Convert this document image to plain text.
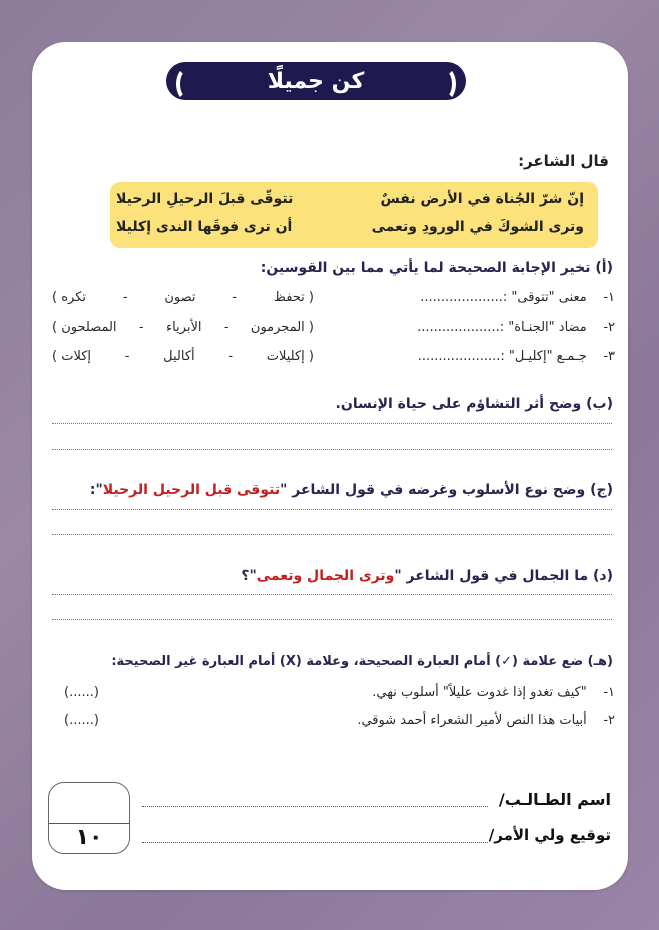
كن جميلًا
قال الشاعر:
إنّ شرّ الجُناة في الأرض نفسٌ
تتوقّى قبلَ الرحيلِ الرحيلا
وترى الشوكَ في الورودِ وتعمى
أن ترى فوقَها الندى إكليلا
(أ) تخير الإجابة الصحيحة لما يأتي مما بين القوسين:
١-    معنى "تتوقى" :....................
( تحفظ
-
تصون
-
تكره )
٢-    مضاد "الجنـاة" :....................
( المجرمون
-
الأبرياء
-
المصلحون )
٣-    جـمـع "إكليـل" :....................
( إكليلات
-
أكاليل
-
إكلات )
(ب) وضح أثر التشاؤم على حياة الإنسان.
(ج) وضح نوع الأسلوب وغرضه في قول الشاعر "تتوقى قبل الرحيل الرحيلا":
(د) ما الجمال في قول الشاعر "وترى الجمال وتعمى"؟
(هـ) ضع علامة (✓) أمام العبارة الصحيحة، وعلامة (X) أمام العبارة غير الصحيحة:
١-    "كيف تغدو إذا غدوت عليلاً" أسلوب نهي.
(......)
٢-    أبيات هذا النص لأمير الشعراء أحمد شوقي.
(......)
اسم الطـالـب/
توقيع ولي الأمر/
١٠
